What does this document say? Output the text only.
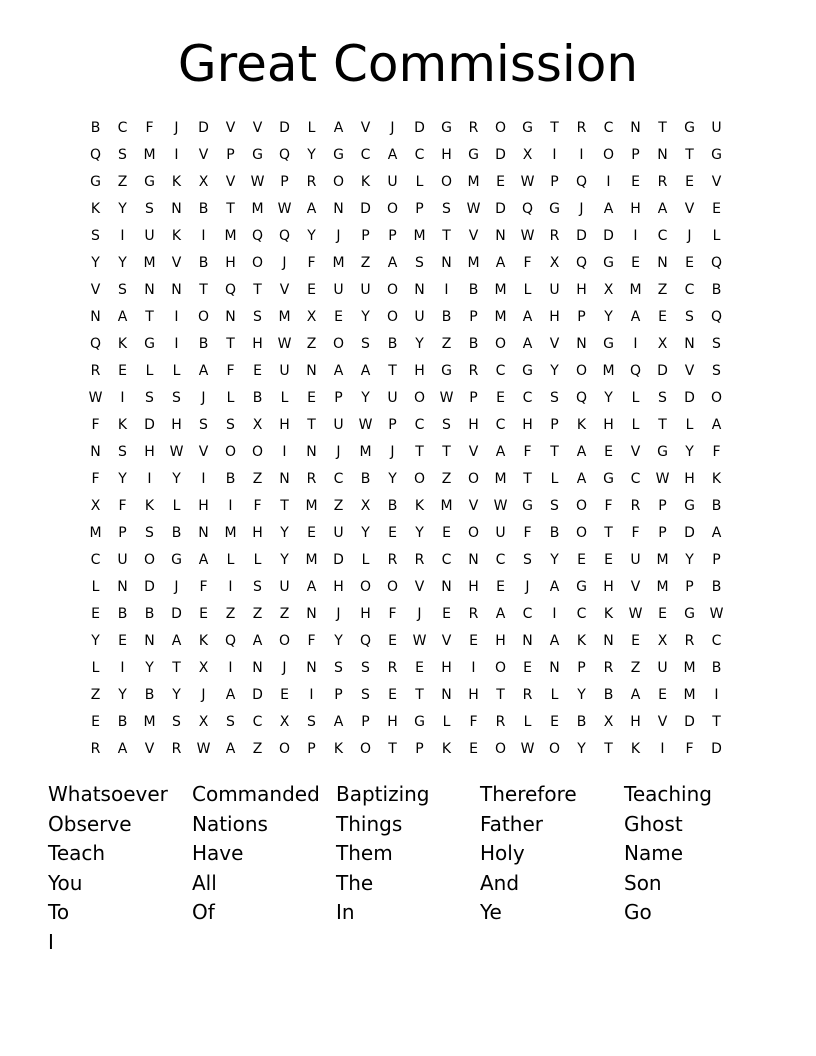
Great Commission
B	C	F	J	D	V	V	D	L	A	V	J	D	G	R	O	G	T	R	C	N	T	G	U
Q	S	M	I	V	P	G	Q	Y	G	C	A	C	H	G	D	X	I	I	O	P	N	T	G
G	Z	G	K	X	V	W	P	R	O	K	U	L	O	M	E	W	P	Q	I	E	R	E	V
K	Y	S	N	B	T	M	W	A	N	D	O	P	S	W	D	Q	G	J	A	H	A	V	E
S	I	U	K	I	M	Q	Q	Y	J	P	P	M	T	V	N	W	R	D	D	I	C	J	L
Y	Y	M	V	B	H	O	J	F	M	Z	A	S	N	M	A	F	X	Q	G	E	N	E	Q
V	S	N	N	T	Q	T	V	E	U	U	O	N	I	B	M	L	U	H	X	M	Z	C	B
N	A	T	I	O	N	S	M	X	E	Y	O	U	B	P	M	A	H	P	Y	A	E	S	Q
Q	K	G	I	B	T	H	W	Z	O	S	B	Y	Z	B	O	A	V	N	G	I	X	N	S
R	E	L	L	A	F	E	U	N	A	A	T	H	G	R	C	G	Y	O	M	Q	D	V	S
W	I	S	S	J	L	B	L	E	P	Y	U	O	W	P	E	C	S	Q	Y	L	S	D	O
F	K	D	H	S	S	X	H	T	U	W	P	C	S	H	C	H	P	K	H	L	T	L	A
N	S	H	W	V	O	O	I	N	J	M	J	T	T	V	A	F	T	A	E	V	G	Y	F
F	Y	I	Y	I	B	Z	N	R	C	B	Y	O	Z	O	M	T	L	A	G	C	W	H	K
X	F	K	L	H	I	F	T	M	Z	X	B	K	M	V	W	G	S	O	F	R	P	G	B
M	P	S	B	N	M	H	Y	E	U	Y	E	Y	E	O	U	F	B	O	T	F	P	D	A
C	U	O	G	A	L	L	Y	M	D	L	R	R	C	N	C	S	Y	E	E	U	M	Y	P
L	N	D	J	F	I	S	U	A	H	O	O	V	N	H	E	J	A	G	H	V	M	P	B
E	B	B	D	E	Z	Z	Z	N	J	H	F	J	E	R	A	C	I	C	K	W	E	G	W
Y	E	N	A	K	Q	A	O	F	Y	Q	E	W	V	E	H	N	A	K	N	E	X	R	C
L	I	Y	T	X	I	N	J	N	S	S	R	E	H	I	O	E	N	P	R	Z	U	M	B
Z	Y	B	Y	J	A	D	E	I	P	S	E	T	N	H	T	R	L	Y	B	A	E	M	I
E	B	M	S	X	S	C	X	S	A	P	H	G	L	F	R	L	E	B	X	H	V	D	T
R	A	V	R	W	A	Z	O	P	K	O	T	P	K	E	O	W	O	Y	T	K	I	F	D
Whatsoever	Commanded Baptizing	Therefore	Teaching
Observe	Nations	Things	Father	Ghost
Teach	Have	Them	Holy	Name
You	All	The	And	Son
To	Of	In	Ye	Go
I
